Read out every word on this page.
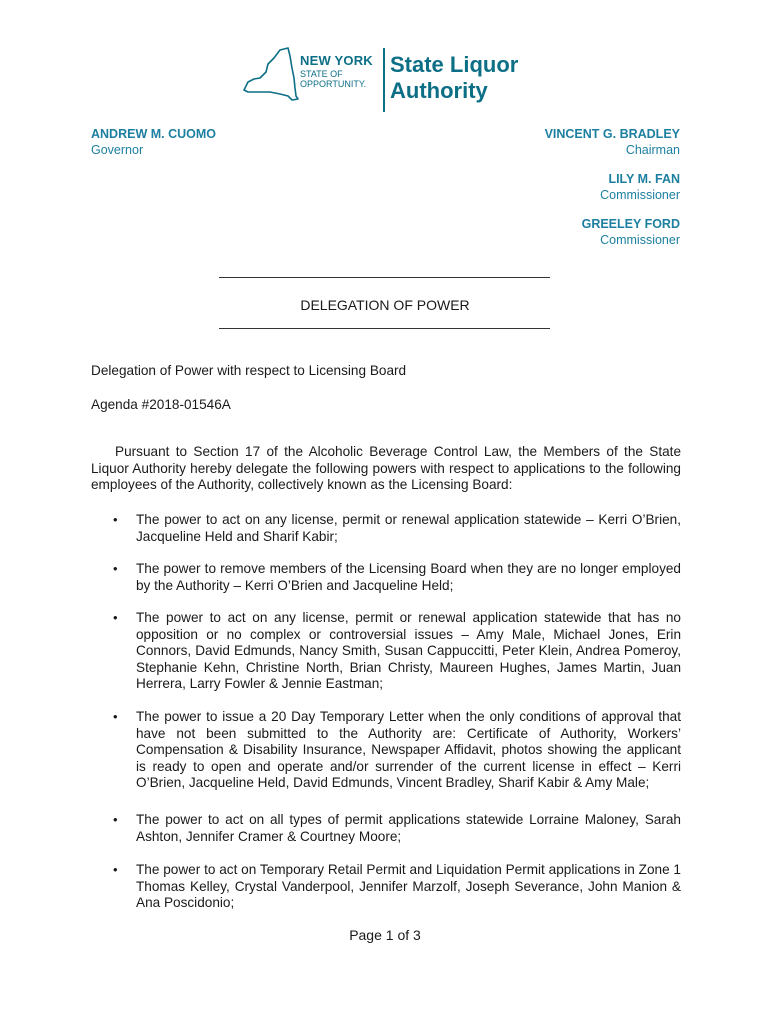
NEW YORK
STATE OF
OPPORTUNITY.
State Liquor
Authority
ANDREW M. CUOMO
Governor
VINCENT G. BRADLEY
Chairman
LILY M. FAN
Commissioner
GREELEY FORD
Commissioner
DELEGATION OF POWER
Delegation of Power with respect to Licensing Board
Agenda #2018-01546A
Pursuant to Section 17 of the Alcoholic Beverage Control Law, the Members of the State Liquor Authority hereby delegate the following powers with respect to applications to the following employees of the Authority, collectively known as the Licensing Board:
• The power to act on any license, permit or renewal application statewide – Kerri O’Brien, Jacqueline Held and Sharif Kabir;
• The power to remove members of the Licensing Board when they are no longer employed by the Authority – Kerri O’Brien and Jacqueline Held;
• The power to act on any license, permit or renewal application statewide that has no opposition or no complex or controversial issues – Amy Male, Michael Jones, Erin Connors, David Edmunds, Nancy Smith, Susan Cappuccitti, Peter Klein, Andrea Pomeroy, Stephanie Kehn, Christine North, Brian Christy, Maureen Hughes, James Martin, Juan Herrera, Larry Fowler & Jennie Eastman;
• The power to issue a 20 Day Temporary Letter when the only conditions of approval that have not been submitted to the Authority are: Certificate of Authority, Workers’ Compensation & Disability Insurance, Newspaper Affidavit, photos showing the applicant is ready to open and operate and/or surrender of the current license in effect – Kerri O’Brien, Jacqueline Held, David Edmunds, Vincent Bradley, Sharif Kabir & Amy Male;
• The power to act on all types of permit applications statewide Lorraine Maloney, Sarah Ashton, Jennifer Cramer & Courtney Moore;
• The power to act on Temporary Retail Permit and Liquidation Permit applications in Zone 1 Thomas Kelley, Crystal Vanderpool, Jennifer Marzolf, Joseph Severance, John Manion & Ana Poscidonio;
Page 1 of 3
